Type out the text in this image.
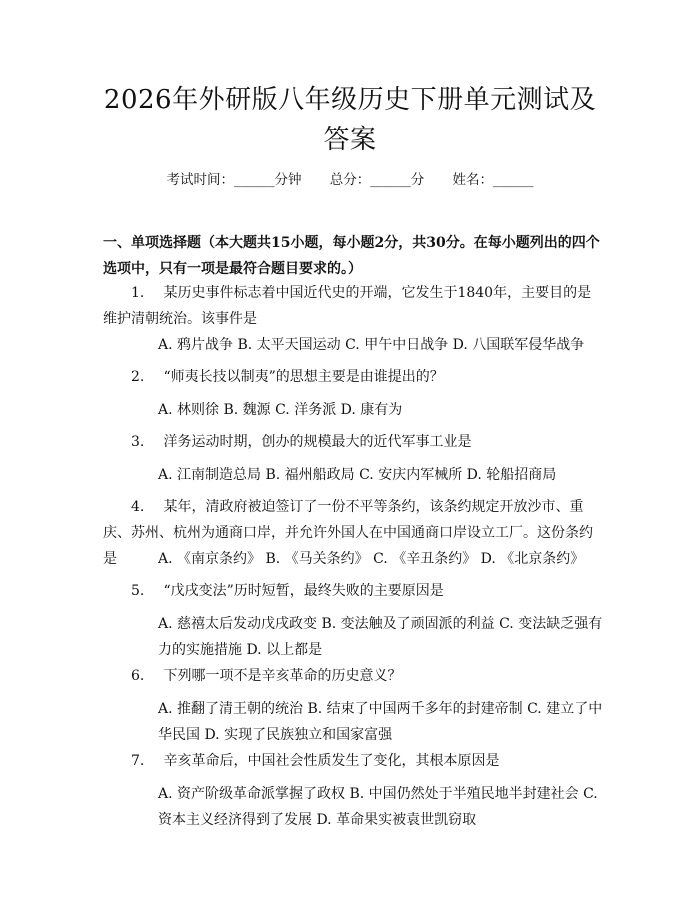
2026年外研版八年级历史下册单元测试及答案
考试时间：______分钟 总分：______分 姓名：______
一、单项选择题（本大题共15小题，每小题2分，共30分。在每小题列出的四个选项中，只有一项是最符合题目要求的。）
1. 某历史事件标志着中国近代史的开端，它发生于1840年，主要目的是维护清朝统治。该事件是
A. 鸦片战争 B. 太平天国运动 C. 甲午中日战争 D. 八国联军侵华战争
2. “师夷长技以制夷”的思想主要是由谁提出的？
A. 林则徐 B. 魏源 C. 洋务派 D. 康有为
3. 洋务运动时期，创办的规模最大的近代军事工业是
A. 江南制造总局 B. 福州船政局 C. 安庆内军械所 D. 轮船招商局
4. 某年，清政府被迫签订了一份不平等条约，该条约规定开放沙市、重庆、苏州、杭州为通商口岸，并允许外国人在中国通商口岸设立工厂。这份条约是	A. 《南京条约》 B. 《马关条约》 C. 《辛丑条约》 D. 《北京条约》
5. “戊戌变法”历时短暂，最终失败的主要原因是
A. 慈禧太后发动戊戌政变 B. 变法触及了顽固派的利益 C. 变法缺乏强有力的实施措施 D. 以上都是
6. 下列哪一项不是辛亥革命的历史意义？
A. 推翻了清王朝的统治 B. 结束了中国两千多年的封建帝制 C. 建立了中华民国 D. 实现了民族独立和国家富强
7. 辛亥革命后，中国社会性质发生了变化，其根本原因是
A. 资产阶级革命派掌握了政权 B. 中国仍然处于半殖民地半封建社会 C. 资本主义经济得到了发展 D. 革命果实被袁世凯窃取
